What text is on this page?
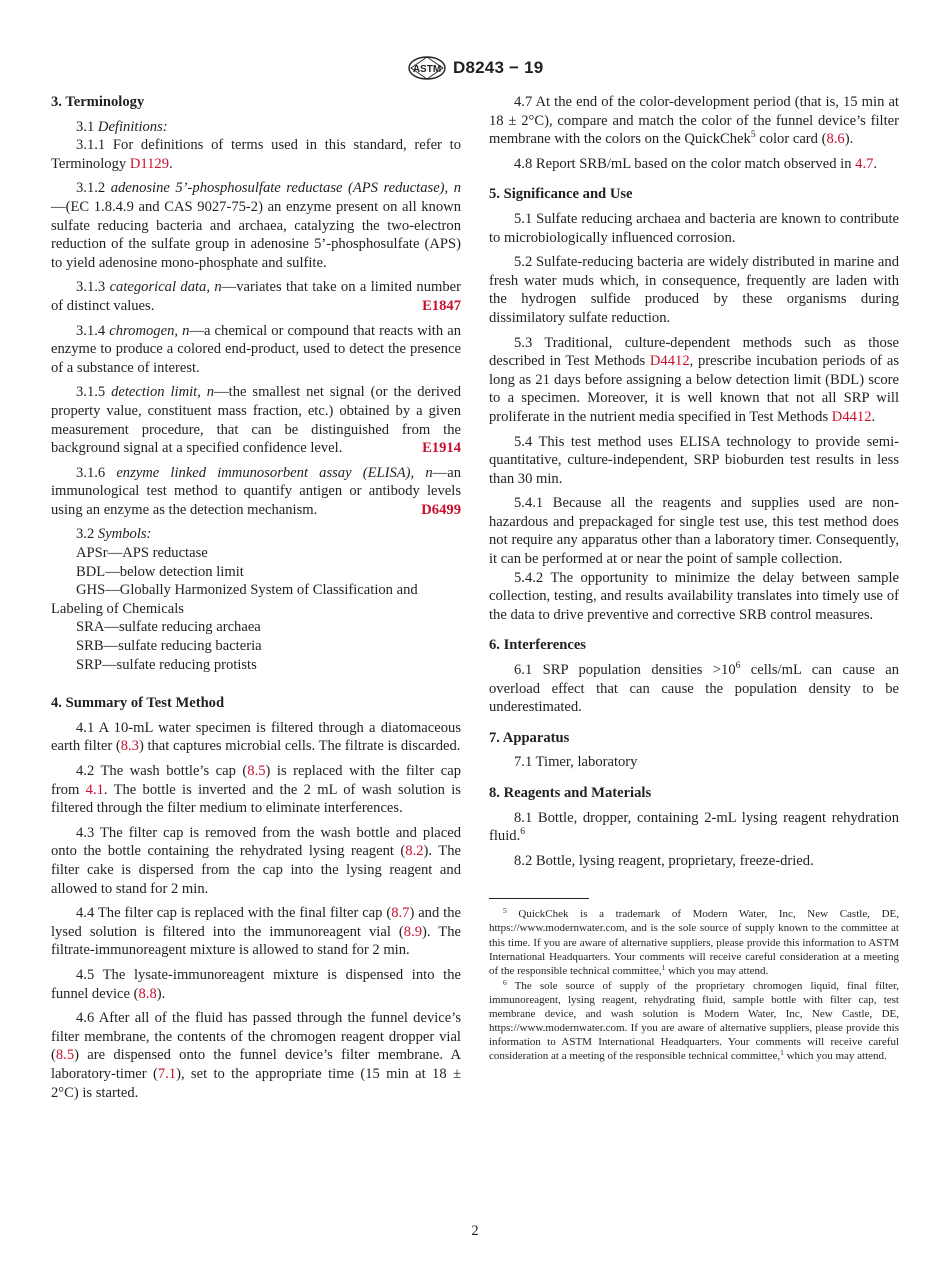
ASTM D8243 − 19
3. Terminology

3.1 Definitions:

3.1.1 For definitions of terms used in this standard, refer to Terminology D1129.

3.1.2 adenosine 5’-phosphosulfate reductase (APS reductase), n—(EC 1.8.4.9 and CAS 9027-75-2) an enzyme present on all known sulfate reducing bacteria and archaea, catalyzing the two-electron reduction of the sulfate group in adenosine 5’-phosphosulfate (APS) to yield adenosine mono-phosphate and sulfite.

3.1.3 categorical data, n—variates that take on a limited number of distinct values.	E1847

3.1.4 chromogen, n—a chemical or compound that reacts with an enzyme to produce a colored end-product, used to detect the presence of a substance of interest.

3.1.5 detection limit, n—the smallest net signal (or the derived property value, constituent mass fraction, etc.) obtained by a given measurement procedure, that can be distinguished from the background signal at a specified confidence level.	E1914

3.1.6 enzyme linked immunosorbent assay (ELISA), n—an immunological test method to quantify antigen or antibody levels using an enzyme as the detection mechanism.	D6499

3.2 Symbols:

APSr—APS reductase

BDL—below detection limit

GHS—Globally Harmonized System of Classification and Labeling of Chemicals

SRA—sulfate reducing archaea

SRB—sulfate reducing bacteria

SRP—sulfate reducing protists

4. Summary of Test Method

4.1 A 10-mL water specimen is filtered through a diatomaceous earth filter (8.3) that captures microbial cells. The filtrate is discarded.

4.2 The wash bottle’s cap (8.5) is replaced with the filter cap from 4.1. The bottle is inverted and the 2 mL of wash solution is filtered through the filter medium to eliminate interferences.

4.3 The filter cap is removed from the wash bottle and placed onto the bottle containing the rehydrated lysing reagent (8.2). The filter cake is dispersed from the cap into the lysing reagent and allowed to stand for 2 min.

4.4 The filter cap is replaced with the final filter cap (8.7) and the lysed solution is filtered into the immunoreagent vial (8.9). The filtrate-immunoreagent mixture is allowed to stand for 2 min.

4.5 The lysate-immunoreagent mixture is dispensed into the funnel device (8.8).

4.6 After all of the fluid has passed through the funnel device’s filter membrane, the contents of the chromogen reagent dropper vial (8.5) are dispensed onto the funnel device’s filter membrane. A laboratory-timer (7.1), set to the appropriate time (15 min at 18 ± 2°C) is started.

4.7 At the end of the color-development period (that is, 15 min at 18 ± 2°C), compare and match the color of the funnel device’s filter membrane with the colors on the QuickChek$^5$ color card (8.6).

4.8 Report SRB/mL based on the color match observed in 4.7.

5. Significance and Use

5.1 Sulfate reducing archaea and bacteria are known to contribute to microbiologically influenced corrosion.

5.2 Sulfate-reducing bacteria are widely distributed in marine and fresh water muds which, in consequence, frequently are laden with the hydrogen sulfide produced by these organisms during dissimilatory sulfate reduction.

5.3 Traditional, culture-dependent methods such as those described in Test Methods D4412, prescribe incubation periods of as long as 21 days before assigning a below detection limit (BDL) score to a specimen. Moreover, it is well known that not all SRP will proliferate in the nutrient media specified in Test Methods D4412.

5.4 This test method uses ELISA technology to provide semi-quantitative, culture-independent, SRP bioburden test results in less than 30 min.

5.4.1 Because all the reagents and supplies used are non-hazardous and prepackaged for single test use, this test method does not require any apparatus other than a laboratory timer. Consequently, it can be performed at or near the point of sample collection.

5.4.2 The opportunity to minimize the delay between sample collection, testing, and results availability translates into timely use of the data to drive preventive and corrective SRB control measures.

6. Interferences

6.1 SRP population densities $>10^6$ cells/mL can cause an overload effect that can cause the population density to be underestimated.

7. Apparatus

7.1 Timer, laboratory

8. Reagents and Materials

8.1 Bottle, dropper, containing 2-mL lysing reagent rehydration fluid.$^6$

8.2 Bottle, lysing reagent, proprietary, freeze-dried.

$^5$ QuickChek is a trademark of Modern Water, Inc, New Castle, DE, https://www.modernwater.com, and is the sole source of supply known to the committee at this time. If you are aware of alternative suppliers, please provide this information to ASTM International Headquarters. Your comments will receive careful consideration at a meeting of the responsible technical committee,$^1$ which you may attend.

$^6$ The sole source of supply of the proprietary chromogen liquid, final filter, immunoreagent, lysing reagent, rehydrating fluid, sample bottle with filter cap, test membrane device, and wash solution is Modern Water, Inc, New Castle, DE, https://www.modernwater.com. If you are aware of alternative suppliers, please provide this information to ASTM International Headquarters. Your comments will receive careful consideration at a meeting of the responsible technical committee,$^1$ which you may attend.

2
